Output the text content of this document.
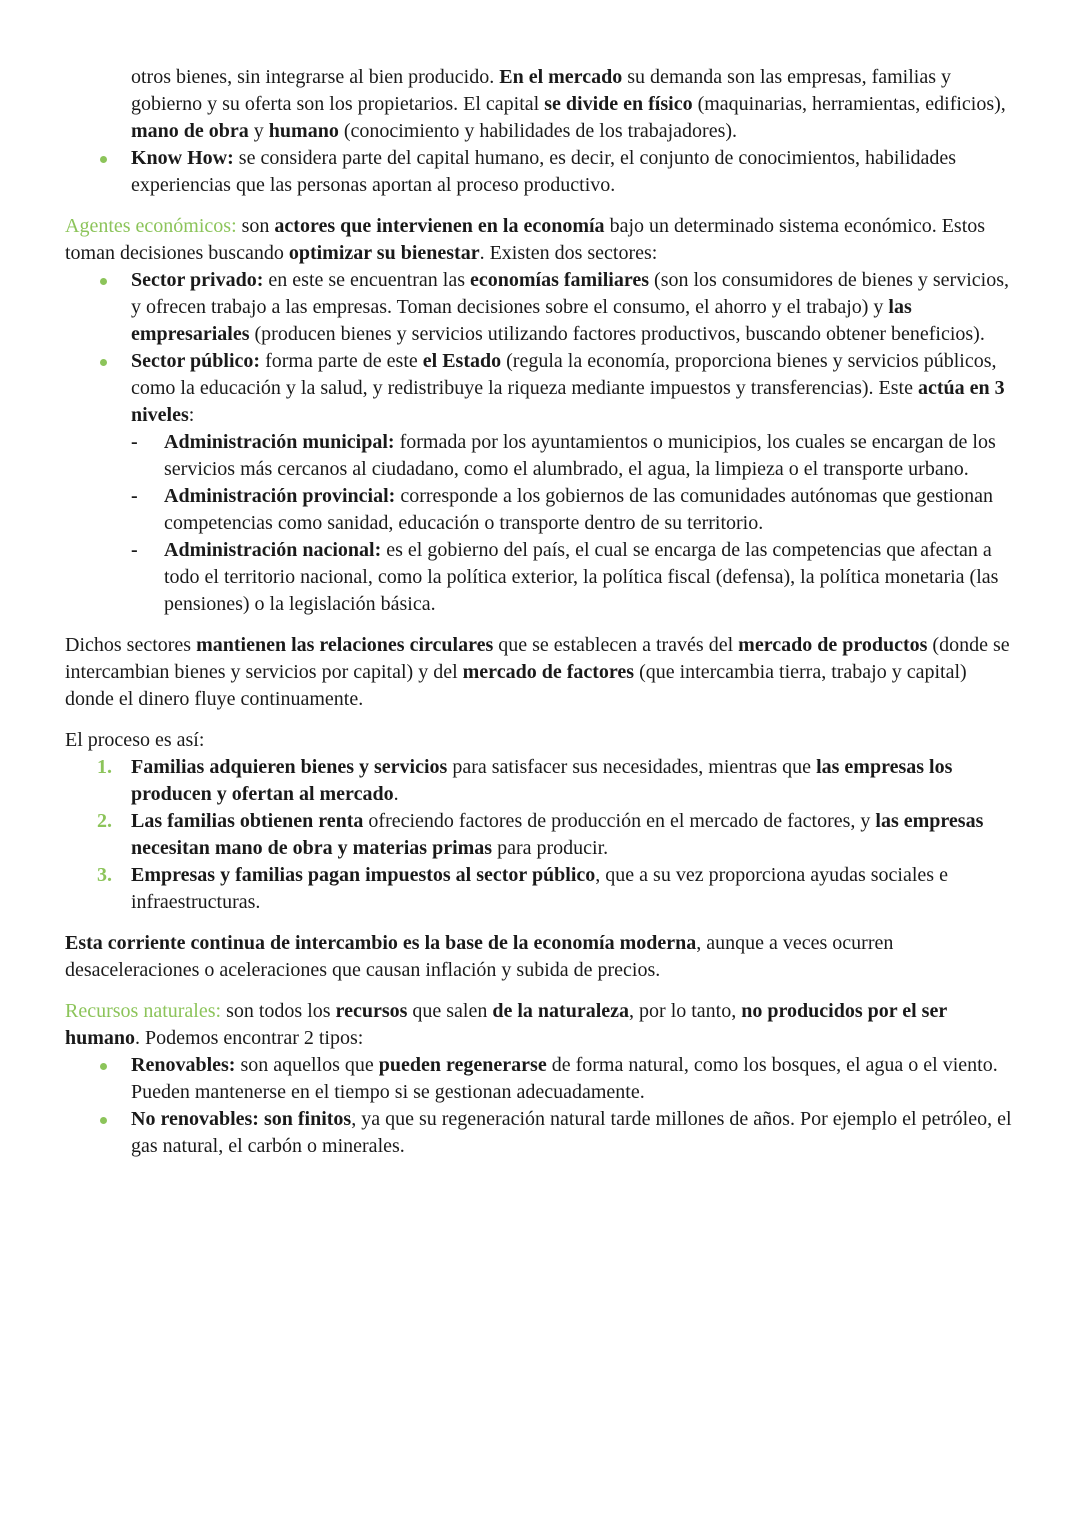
otros bienes, sin integrarse al bien producido. En el mercado su demanda son las empresas, familias y gobierno y su oferta son los propietarios. El capital se divide en físico (maquinarias, herramientas, edificios), mano de obra y humano (conocimiento y habilidades de los trabajadores).
Know How: se considera parte del capital humano, es decir, el conjunto de conocimientos, habilidades experiencias que las personas aportan al proceso productivo.

Agentes económicos: son actores que intervienen en la economía bajo un determinado sistema económico. Estos toman decisiones buscando optimizar su bienestar. Existen dos sectores:

Sector privado: en este se encuentran las economías familiares (son los consumidores de bienes y servicios, y ofrecen trabajo a las empresas. Toman decisiones sobre el consumo, el ahorro y el trabajo) y las empresariales (producen bienes y servicios utilizando factores productivos, buscando obtener beneficios).
Sector público: forma parte de este el Estado (regula la economía, proporciona bienes y servicios públicos, como la educación y la salud, y redistribuye la riqueza mediante impuestos y transferencias). Este actúa en 3 niveles:
- Administración municipal: formada por los ayuntamientos o municipios, los cuales se encargan de los servicios más cercanos al ciudadano, como el alumbrado, el agua, la limpieza o el transporte urbano.
- Administración provincial: corresponde a los gobiernos de las comunidades autónomas que gestionan competencias como sanidad, educación o transporte dentro de su territorio.
- Administración nacional: es el gobierno del país, el cual se encarga de las competencias que afectan a todo el territorio nacional, como la política exterior, la política fiscal (defensa), la política monetaria (las pensiones) o la legislación básica.

Dichos sectores mantienen las relaciones circulares que se establecen a través del mercado de productos (donde se intercambian bienes y servicios por capital) y del mercado de factores (que intercambia tierra, trabajo y capital) donde el dinero fluye continuamente.

El proceso es así:

1. Familias adquieren bienes y servicios para satisfacer sus necesidades, mientras que las empresas los producen y ofertan al mercado.
2. Las familias obtienen renta ofreciendo factores de producción en el mercado de factores, y las empresas necesitan mano de obra y materias primas para producir.
3. Empresas y familias pagan impuestos al sector público, que a su vez proporciona ayudas sociales e infraestructuras.

Esta corriente continua de intercambio es la base de la economía moderna, aunque a veces ocurren desaceleraciones o aceleraciones que causan inflación y subida de precios.

Recursos naturales: son todos los recursos que salen de la naturaleza, por lo tanto, no producidos por el ser humano. Podemos encontrar 2 tipos:

Renovables: son aquellos que pueden regenerarse de forma natural, como los bosques, el agua o el viento. Pueden mantenerse en el tiempo si se gestionan adecuadamente.
No renovables: son finitos, ya que su regeneración natural tarde millones de años. Por ejemplo el petróleo, el gas natural, el carbón o minerales.
